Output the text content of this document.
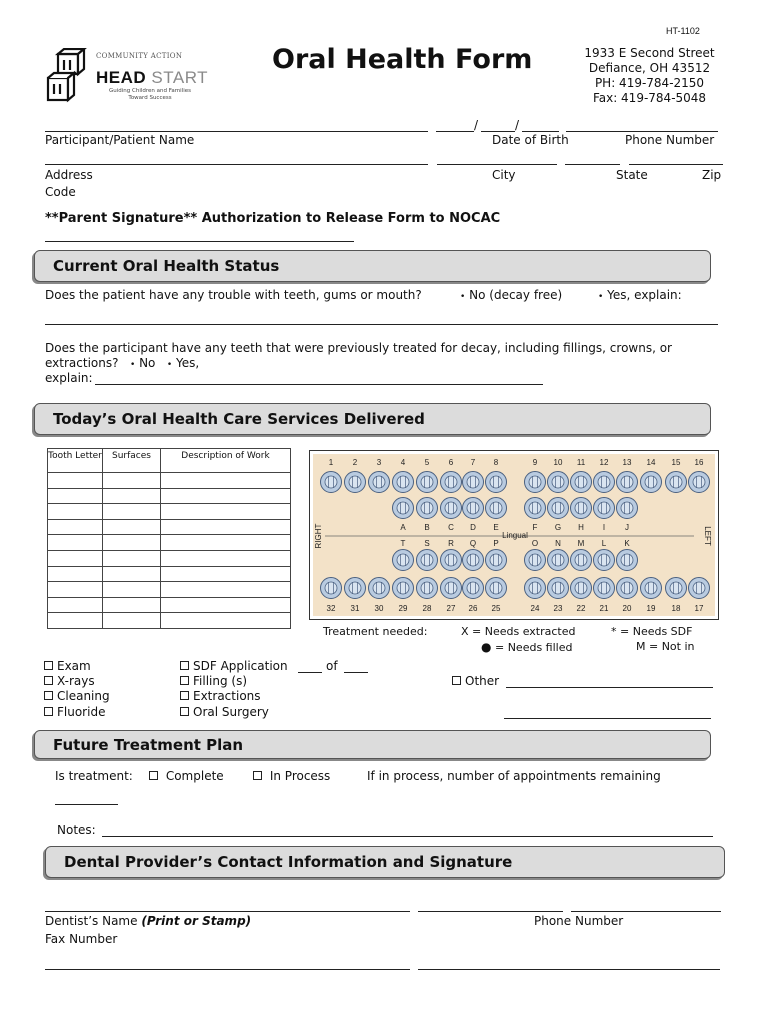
HT-1102
COMMUNITY ACTION
HEAD START
Guiding Children and Families Toward Success
Oral Health Form	1933 E Second Street
Defiance, OH 43512
PH: 419-784-2150
Fax: 419-784-5048
/	/
Participant/Patient Name	Date of Birth	Phone Number
Address	City	State	Zip
Code
**Parent Signature** Authorization to Release Form to NOCAC
Current Oral Health Status
Does the patient have any trouble with teeth, gums or mouth?	• No (decay free)	• Yes, explain:
Does the participant have any teeth that were previously treated for decay, including fillings, crowns, or
extractions? • No • Yes,
explain:
Today’s Oral Health Care Services Delivered
Tooth Letter	Surfaces	Description of Work

1 2 3 4 5 6 7 8	9 10 11 12 13 14 15 16
A B C D E	F G H I J
Lingual
RIGHT	LEFT
T S R Q P	O N M L K
32 31 30 29 28 27 26 25	24 23 22 21 20 19 18 17
Treatment needed:	X = Needs extracted	* = Needs SDF
● = Needs filled	M = Not in
Exam
X-rays
Cleaning
Fluoride
SDF Application	of
Filling (s)
Extractions
Oral Surgery
Other
Future Treatment Plan
Is treatment:	Complete	In Process	If in process, number of appointments remaining
Notes:
Dental Provider’s Contact Information and Signature
Dentist’s Name (Print or Stamp)	Phone Number
Fax Number
